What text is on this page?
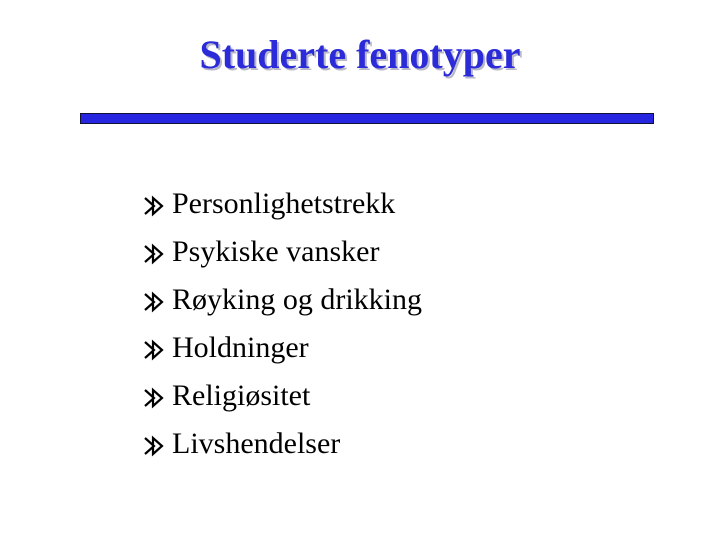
Studerte fenotyper
Personlighetstrekk
Psykiske vansker
Røyking og drikking
Holdninger
Religiøsitet
Livshendelser
